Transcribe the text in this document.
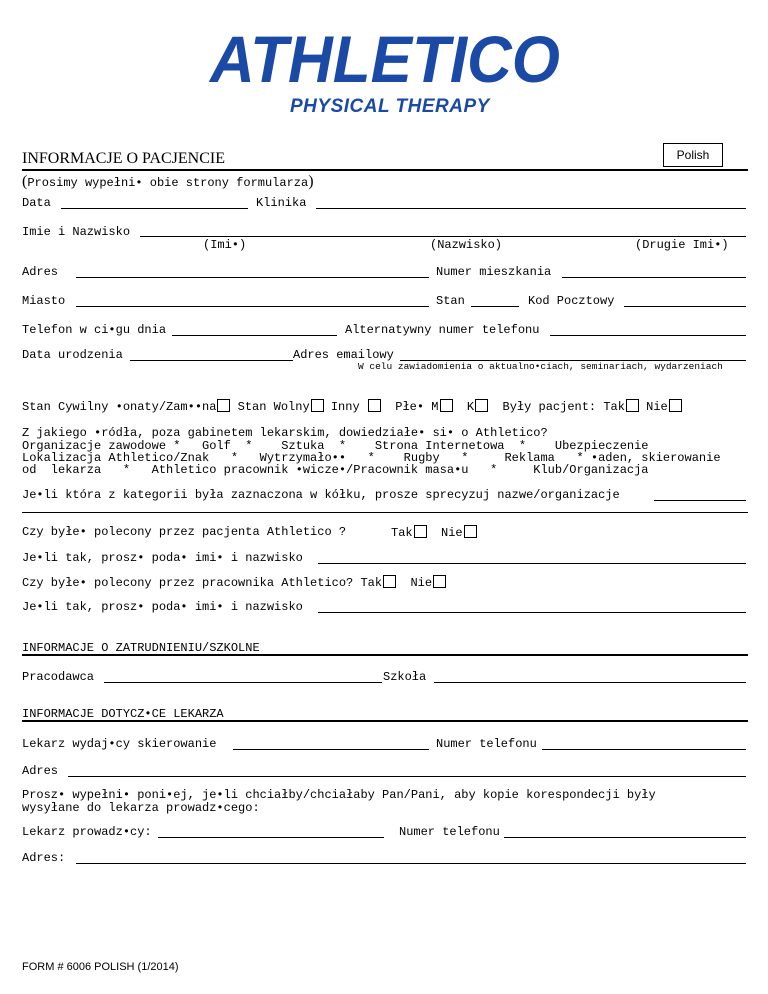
ATHLETICO
PHYSICAL THERAPY
Polish
INFORMACJE O PACJENCIE
(Prosimy wypełni• obie strony formularza)
Data	Klinika
Imie i Nazwisko
(Imi•)	(Nazwisko)	(Drugie Imi•)
Adres	Numer mieszkania
Miasto	Stan	Kod Pocztowy
Telefon w ci•gu dnia	Alternatywny numer telefonu
Data urodzenia	Adres emailowy
W celu zawiadomienia o aktualno•ciach, seminariach, wydarzeniach
Stan Cywilny •onaty/Zam••na Stan Wolny Inny	Płe• M K Były pacjent: Tak Nie
Z jakiego •ródła, poza gabinetem lekarskim, dowiedziałe• si• o Athletico?
Organizacje zawodowe *   Golf  *    Sztuka  *    Strona Internetowa  *    Ubezpieczenie
Lokalizacja Athletico/Znak   *   Wytrzymało••   *    Rugby   *     Reklama   * •aden, skierowanie
od  lekarza   *   Athletico pracownik •wicze•/Pracownik masa•u   *     Klub/Organizacja
Je•li która z kategorii była zaznaczona w kółku, prosze sprecyzuj nazwe/organizacje
Czy byłe• polecony przez pacjenta Athletico ?	Tak Nie
Je•li tak, prosz• poda• imi• i nazwisko
Czy byłe• polecony przez pracownika Athletico? Tak Nie
Je•li tak, prosz• poda• imi• i nazwisko
INFORMACJE O ZATRUDNIENIU/SZKOLNE
Pracodawca	Szkoła
INFORMACJE DOTYCZ•CE LEKARZA
Lekarz wydaj•cy skierowanie	Numer telefonu
Adres
Prosz• wypełni• poni•ej, je•li chciałby/chciałaby Pan/Pani, aby kopie korespondecji były
wysyłane do lekarza prowadz•cego:
Lekarz prowadz•cy:	Numer telefonu
Adres:
FORM # 6006 POLISH (1/2014)
